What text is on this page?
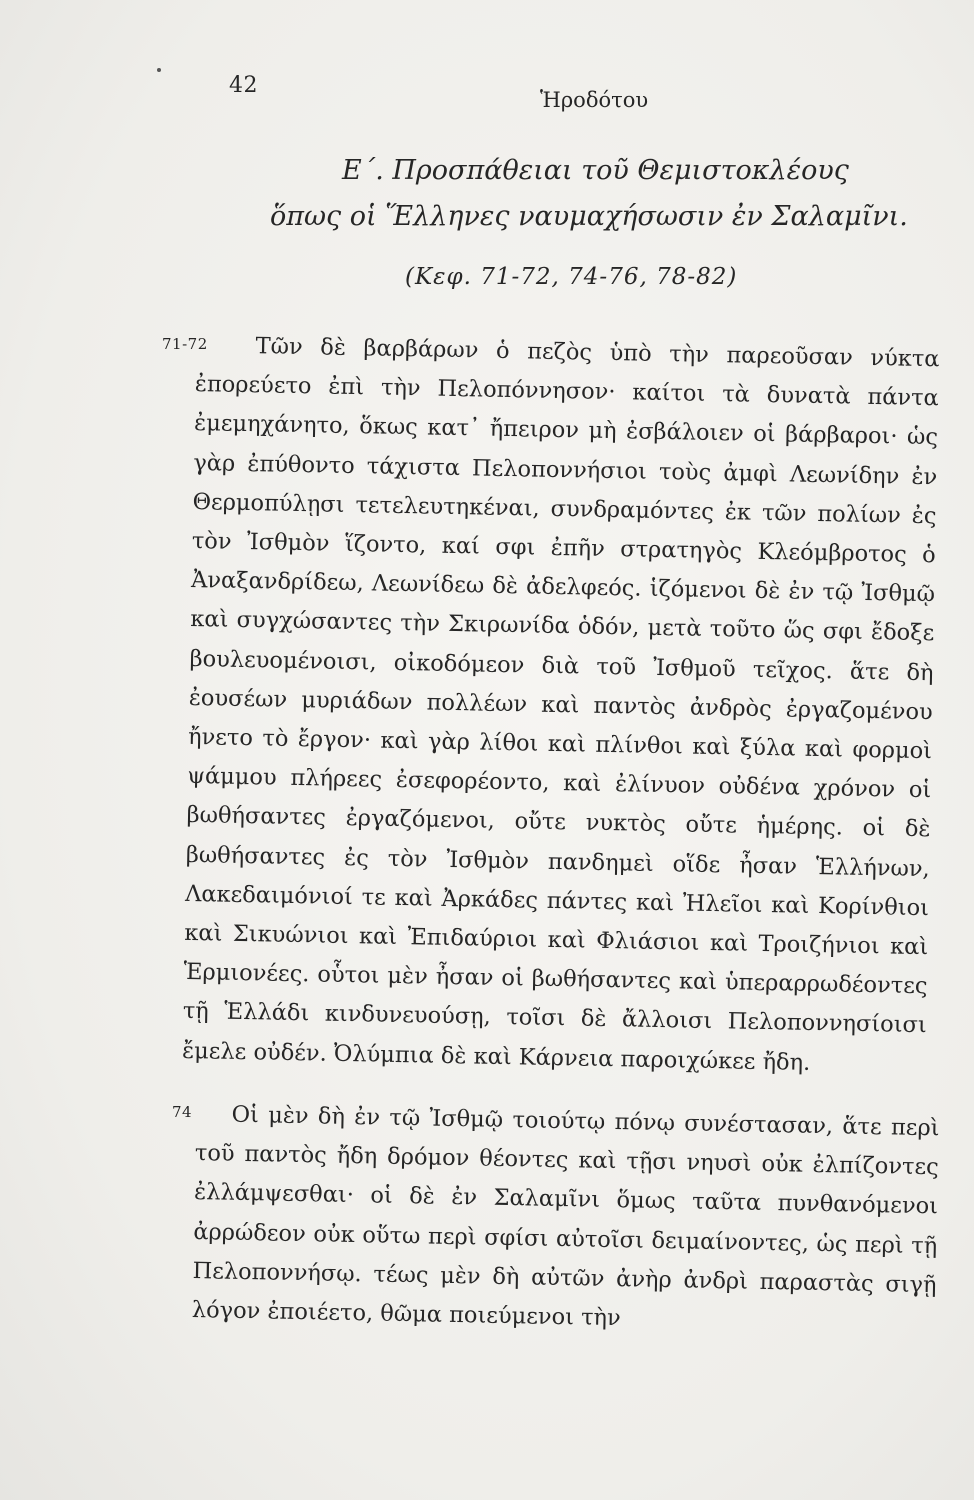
42
Ἡροδότου
Ε΄. Προσπάθειαι τοῦ Θεμιστοκλέους
ὅπως οἱ Ἕλληνες ναυμαχήσωσιν ἐν Σαλαμῖνι.
(Κεφ. 71-72, 74-76, 78-82)
71-72	Τῶν δὲ βαρβάρων ὁ πεζὸς ὑπὸ τὴν παρεοῦσαν νύκτα ἐπορεύετο ἐπὶ τὴν Πελοπόννησον· καίτοι τὰ δυνατὰ πάντα ἐμεμηχάνητο, ὅκως κατ᾽ ἤπειρον μὴ ἐσβάλοιεν οἱ βάρβαροι· ὡς γὰρ ἐπύθοντο τάχιστα Πελοποννήσιοι τοὺς ἀμφὶ Λεωνίδην ἐν Θερμοπύλῃσι τετελευτηκέναι, συνδραμόντες ἐκ τῶν πολίων ἐς τὸν Ἰσθμὸν ἵζοντο, καί σφι ἐπῆν στρατηγὸς Κλεόμβροτος ὁ Ἀναξανδρίδεω, Λεωνίδεω δὲ ἀδελφεός. ἱζόμενοι δὲ ἐν τῷ Ἰσθμῷ καὶ συγχώσαντες τὴν Σκιρωνίδα ὁδόν, μετὰ τοῦτο ὥς σφι ἔδοξε βουλευομένοισι, οἰκοδόμεον διὰ τοῦ Ἰσθμοῦ τεῖχος. ἅτε δὴ ἐουσέων μυριάδων πολλέων καὶ παντὸς ἀνδρὸς ἐργαζομένου ἤνετο τὸ ἔργον· καὶ γὰρ λίθοι καὶ πλίνθοι καὶ ξύλα καὶ φορμοὶ ψάμμου πλήρεες ἐσεφορέοντο, καὶ ἐλίνυον οὐδένα χρόνον οἱ βωθήσαντες ἐργαζόμενοι, οὔτε νυκτὸς οὔτε ἡμέρης. οἱ δὲ βωθήσαντες ἐς τὸν Ἰσθμὸν πανδημεὶ οἵδε ἦσαν Ἑλλήνων, Λακεδαιμόνιοί τε καὶ Ἀρκάδες πάντες καὶ Ἠλεῖοι καὶ Κορίνθιοι καὶ Σικυώνιοι καὶ Ἐπιδαύριοι καὶ Φλιάσιοι καὶ Τροιζήνιοι καὶ Ἑρμιονέες. οὗτοι μὲν ἦσαν οἱ βωθήσαντες καὶ ὑπεραρρωδέοντες τῇ Ἑλλάδι κινδυνευούσῃ, τοῖσι δὲ ἄλλοισι Πελοποννησίοισι ἔμελε οὐδέν. Ὀλύμπια δὲ καὶ Κάρνεια παροιχώκεε ἤδη.
74	Οἱ μὲν δὴ ἐν τῷ Ἰσθμῷ τοιούτῳ πόνῳ συνέστασαν, ἅτε περὶ τοῦ παντὸς ἤδη δρόμον θέοντες καὶ τῇσι νηυσὶ οὐκ ἐλπίζοντες ἐλλάμψεσθαι· οἱ δὲ ἐν Σαλαμῖνι ὅμως ταῦτα πυνθανόμενοι ἀρρώδεον οὐκ οὕτω περὶ σφίσι αὐτοῖσι δειμαίνοντες, ὡς περὶ τῇ Πελοποννήσῳ. τέως μὲν δὴ αὐτῶν ἀνὴρ ἀνδρὶ παραστὰς σιγῇ λόγον ἐποιέετο, θῶμα ποιεύμενοι τὴν
